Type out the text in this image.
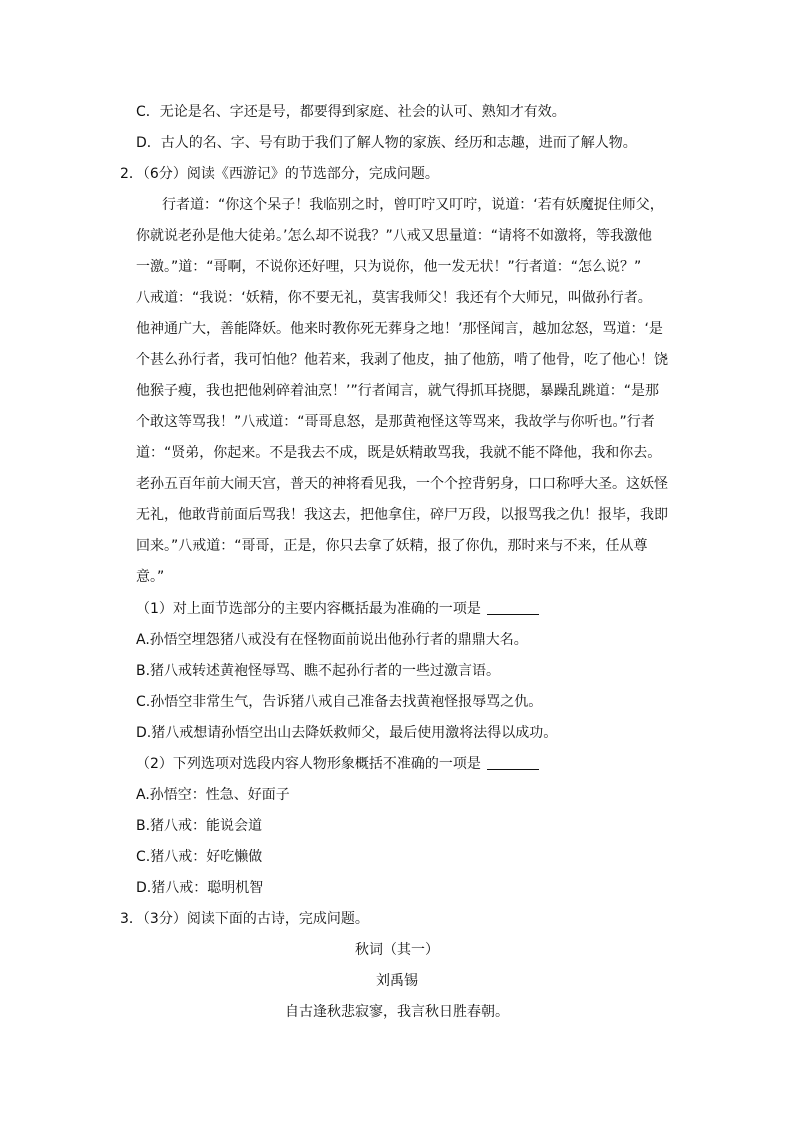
C．无论是名、字还是号，都要得到家庭、社会的认可、熟知才有效。
D．古人的名、字、号有助于我们了解人物的家族、经历和志趣，进而了解人物。
2．（6分）阅读《西游记》的节选部分，完成问题。
行者道：“你这个呆子！我临别之时，曾叮咛又叮咛，说道：‘若有妖魔捉住师父，
你就说老孙是他大徒弟。’怎么却不说我？”八戒又思量道：“请将不如激将，等我激他
一激。”道：“哥啊，不说你还好哩，只为说你，他一发无状！”行者道：“怎么说？”
八戒道：“我说：‘妖精，你不要无礼，莫害我师父！我还有个大师兄，叫做孙行者。
他神通广大，善能降妖。他来时教你死无葬身之地！’那怪闻言，越加忿怒，骂道：‘是
个甚么孙行者，我可怕他？他若来，我剥了他皮，抽了他筋，啃了他骨，吃了他心！饶
他猴子瘦，我也把他剁碎着油烹！’”行者闻言，就气得抓耳挠腮，暴躁乱跳道：“是那
个敢这等骂我！”八戒道：“哥哥息怒，是那黄袍怪这等骂来，我故学与你听也。”行者
道：“贤弟，你起来。不是我去不成，既是妖精敢骂我，我就不能不降他，我和你去。
老孙五百年前大闹天宫，普天的神将看见我，一个个控背躬身，口口称呼大圣。这妖怪
无礼，他敢背前面后骂我！我这去，把他拿住，碎尸万段，以报骂我之仇！报毕，我即
回来。”八戒道：“哥哥，正是，你只去拿了妖精，报了你仇，那时来与不来，任从尊
意。”
（1）对上面节选部分的主要内容概括最为准确的一项是
A.孙悟空埋怨猪八戒没有在怪物面前说出他孙行者的鼎鼎大名。
B.猪八戒转述黄袍怪辱骂、瞧不起孙行者的一些过激言语。
C.孙悟空非常生气，告诉猪八戒自己准备去找黄袍怪报辱骂之仇。
D.猪八戒想请孙悟空出山去降妖救师父，最后使用激将法得以成功。
（2）下列选项对选段内容人物形象概括不准确的一项是
A.孙悟空：性急、好面子
B.猪八戒：能说会道
C.猪八戒：好吃懒做
D.猪八戒：聪明机智
3．（3分）阅读下面的古诗，完成问题。
秋词（其一）
刘禹锡
自古逢秋悲寂寥，我言秋日胜春朝。
